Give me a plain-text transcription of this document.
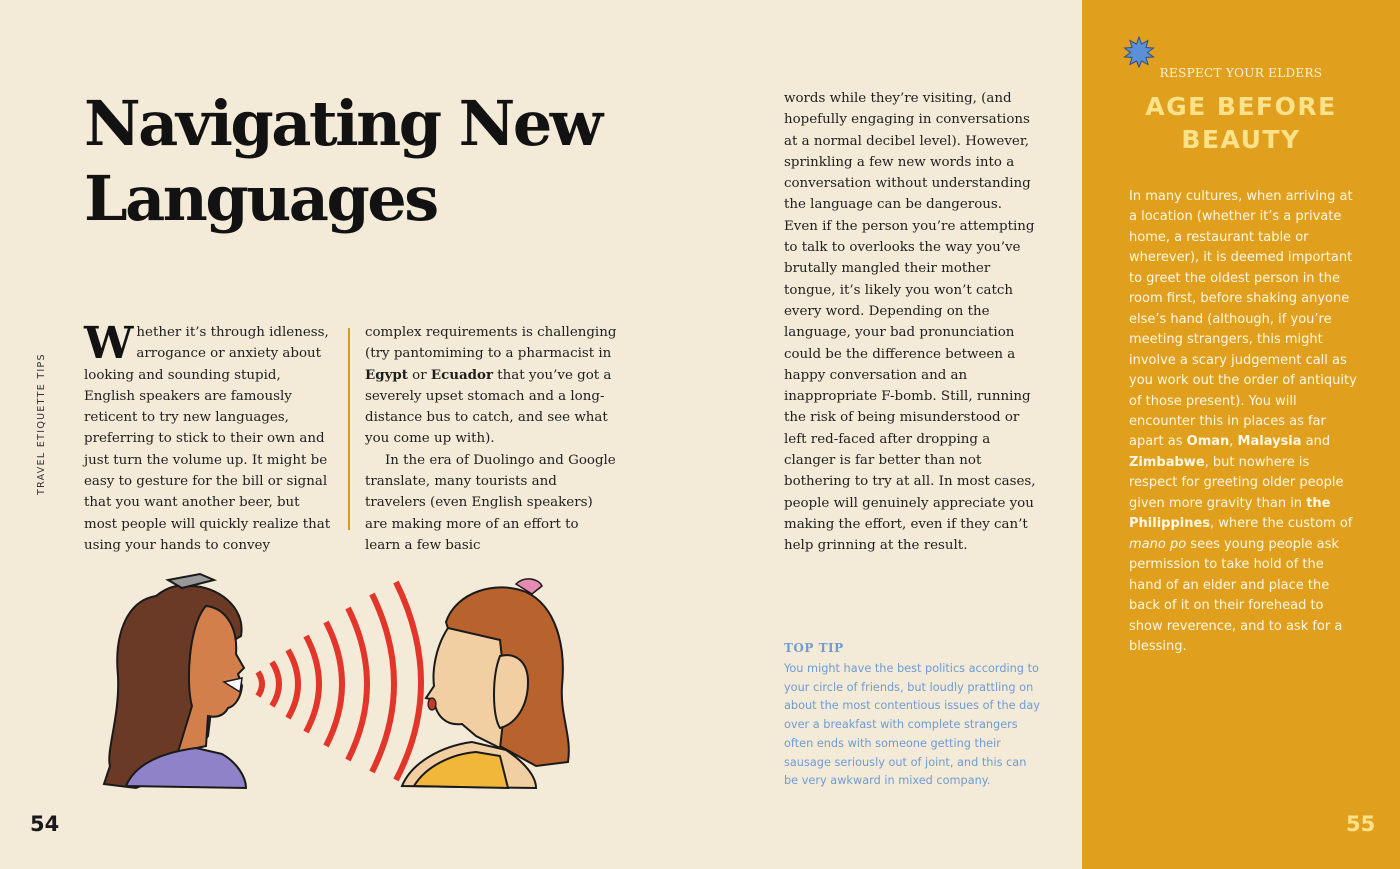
RESPECT YOUR ELDERS
AGE BEFORE
BEAUTY
In many cultures, when arriving at a location (whether it’s a private home, a restaurant table or wherever), it is deemed important to greet the oldest person in the room first, before shaking anyone else’s hand (although, if you’re meeting strangers, this might involve a scary judgement call as you work out the order of antiquity of those present). You will encounter this in places as far apart as Oman, Malaysia and Zimbabwe, but nowhere is respect for greeting older people given more gravity than in the Philippines, where the custom of mano po sees young people ask permission to take hold of the hand of an elder and place the back of it on their forehead to show reverence, and to ask for a blessing.
55
TRAVEL ETIQUETTE TIPS
Navigating New Languages
Whether it’s through idleness, arrogance or anxiety about looking and sounding stupid, English speakers are famously reticent to try new languages, preferring to stick to their own and just turn the volume up. It might be easy to gesture for the bill or signal that you want another beer, but most people will quickly realize that using your hands to convey

complex requirements is challenging (try pantomiming to a pharmacist in Egypt or Ecuador that you’ve got a severely upset stomach and a long-distance bus to catch, and see what you come up with).

In the era of Duolingo and Google translate, many tourists and travelers (even English speakers) are making more of an effort to learn a few basic

54
words while they’re visiting, (and hopefully engaging in conversations at a normal decibel level). However, sprinkling a few new words into a conversation without understanding the language can be dangerous. Even if the person you’re attempting to talk to overlooks the way you’ve brutally mangled their mother tongue, it’s likely you won’t catch every word. Depending on the language, your bad pronunciation could be the difference between a happy conversation and an inappropriate F-bomb. Still, running the risk of being misunderstood or left red-faced after dropping a clanger is far better than not bothering to try at all. In most cases, people will genuinely appreciate you making the effort, even if they can’t help grinning at the result.
TOP TIP
You might have the best politics according to your circle of friends, but loudly prattling on about the most contentious issues of the day over a breakfast with complete strangers often ends with someone getting their sausage seriously out of joint, and this can be very awkward in mixed company.
